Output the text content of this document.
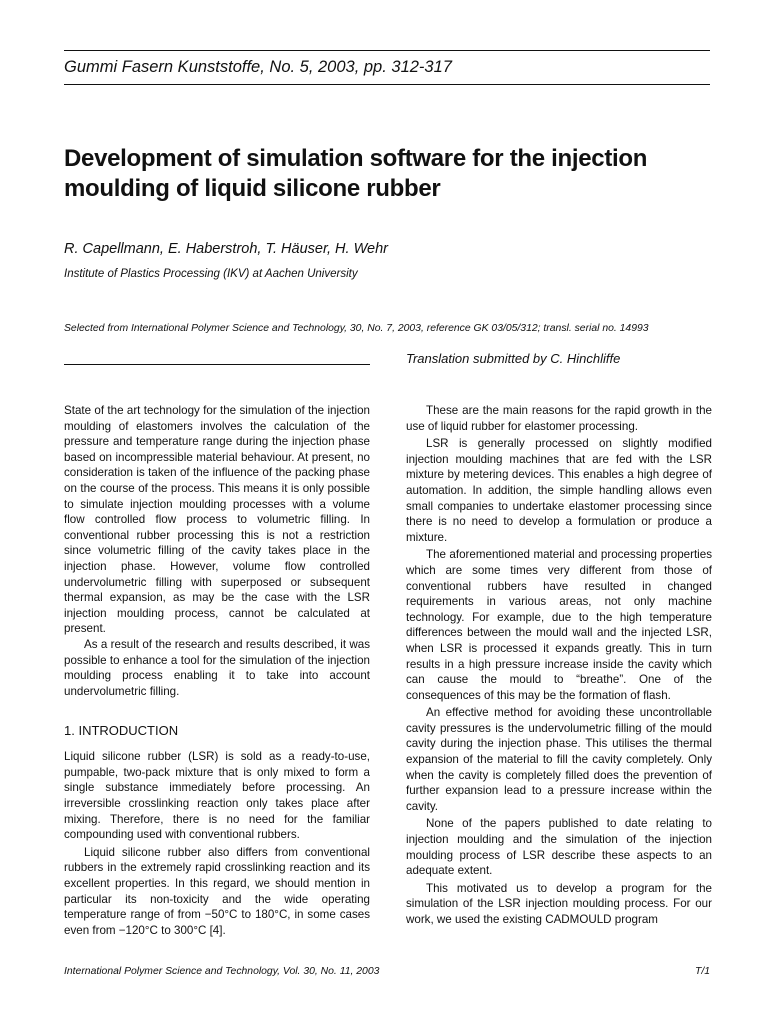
Gummi Fasern Kunststoffe, No. 5, 2003, pp. 312-317
Development of simulation software for the injection moulding of liquid silicone rubber
R. Capellmann, E. Haberstroh, T. Häuser, H. Wehr
Institute of Plastics Processing (IKV) at Aachen University
Selected from International Polymer Science and Technology, 30, No. 7, 2003, reference GK 03/05/312; transl. serial no. 14993
Translation submitted by C. Hinchliffe

State of the art technology for the simulation of the injection moulding of elastomers involves the calculation of the pressure and temperature range during the injection phase based on incompressible material behaviour. At present, no consideration is taken of the influence of the packing phase on the course of the process. This means it is only possible to simulate injection moulding processes with a volume flow controlled flow process to volumetric filling. In conventional rubber processing this is not a restriction since volumetric filling of the cavity takes place in the injection phase. However, volume flow controlled undervolumetric filling with superposed or subsequent thermal expansion, as may be the case with the LSR injection moulding process, cannot be calculated at present.

As a result of the research and results described, it was possible to enhance a tool for the simulation of the injection moulding process enabling it to take into account undervolumetric filling.

1. INTRODUCTION

Liquid silicone rubber (LSR) is sold as a ready-to-use, pumpable, two-pack mixture that is only mixed to form a single substance immediately before processing. An irreversible crosslinking reaction only takes place after mixing. Therefore, there is no need for the familiar compounding used with conventional rubbers.

Liquid silicone rubber also differs from conventional rubbers in the extremely rapid crosslinking reaction and its excellent properties. In this regard, we should mention in particular its non-toxicity and the wide operating temperature range of from −50°C to 180°C, in some cases even from −120°C to 300°C [4].

These are the main reasons for the rapid growth in the use of liquid rubber for elastomer processing.

LSR is generally processed on slightly modified injection moulding machines that are fed with the LSR mixture by metering devices. This enables a high degree of automation. In addition, the simple handling allows even small companies to undertake elastomer processing since there is no need to develop a formulation or produce a mixture.

The aforementioned material and processing properties which are some times very different from those of conventional rubbers have resulted in changed requirements in various areas, not only machine technology. For example, due to the high temperature differences between the mould wall and the injected LSR, when LSR is processed it expands greatly. This in turn results in a high pressure increase inside the cavity which can cause the mould to “breathe”. One of the consequences of this may be the formation of flash.

An effective method for avoiding these uncontrollable cavity pressures is the undervolumetric filling of the mould cavity during the injection phase. This utilises the thermal expansion of the material to fill the cavity completely. Only when the cavity is completely filled does the prevention of further expansion lead to a pressure increase within the cavity.

None of the papers published to date relating to injection moulding and the simulation of the injection moulding process of LSR describe these aspects to an adequate extent.

This motivated us to develop a program for the simulation of the LSR injection moulding process. For our work, we used the existing CADMOULD program

International Polymer Science and Technology, Vol. 30, No. 11, 2003	T/1
